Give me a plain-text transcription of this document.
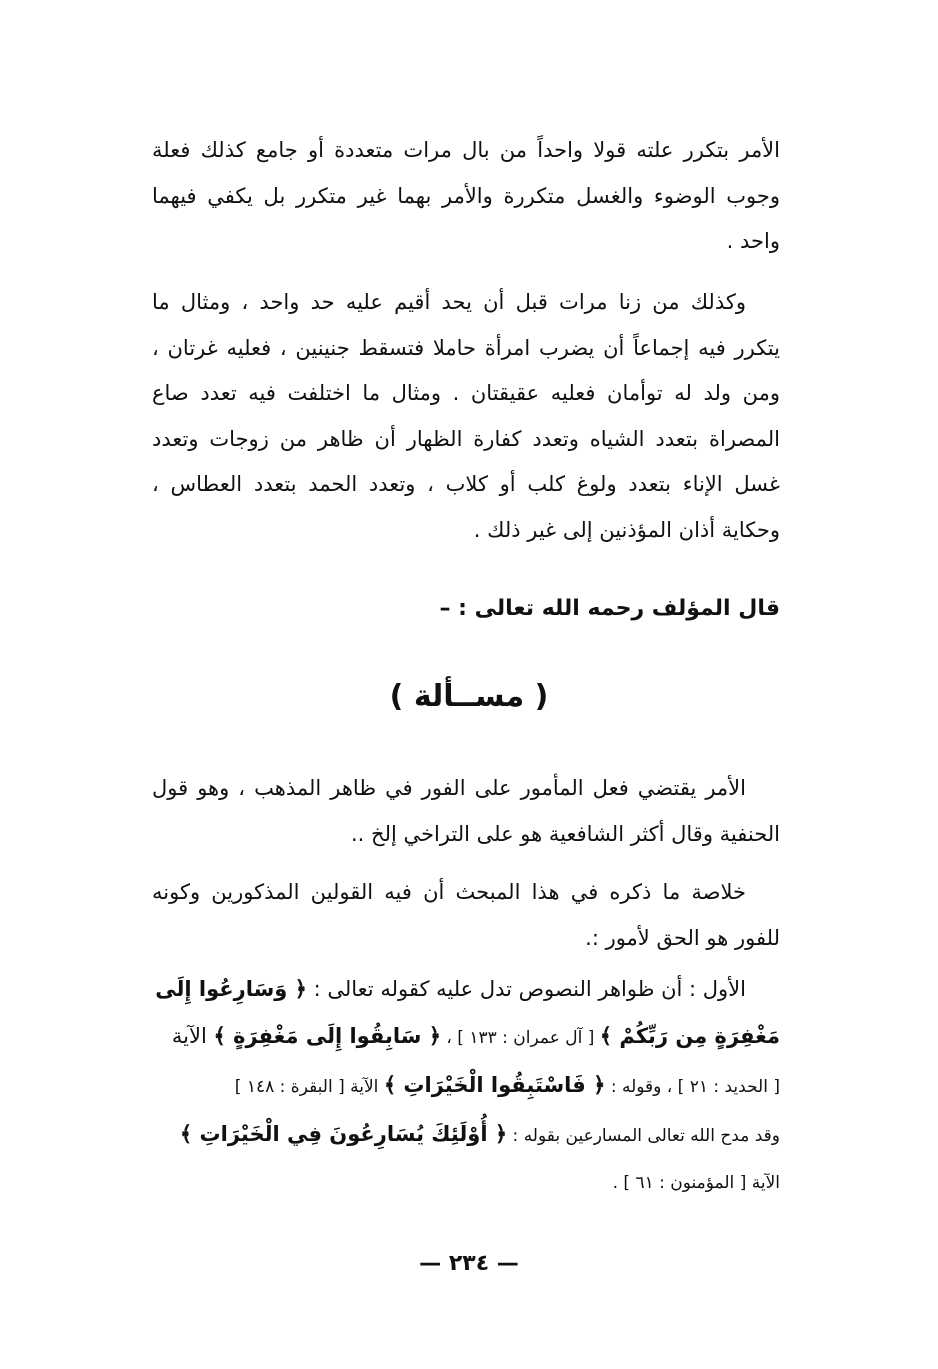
الأمر بتكرر علته قولا واحداً من بال مرات متعددة أو جامع كذلك فعلة
وجوب الوضوء والغسل متكررة والأمر بهما غير متكرر بل يكفي فيهما
واحد .
وكذلك من زنا مرات قبل أن يحد أقيم عليه حد واحد ، ومثال ما
يتكرر فيه إجماعاً أن يضرب امرأة حاملا فتسقط جنينين ، فعليه غرتان ،
ومن ولد له توأمان فعليه عقيقتان . ومثال ما اختلفت فيه تعدد صاع
المصراة بتعدد الشياه وتعدد كفارة الظهار أن ظاهر من زوجات وتعدد
غسل الإناء بتعدد ولوغ كلب أو كلاب ، وتعدد الحمد بتعدد العطاس ،
وحكاية أذان المؤذنين إلى غير ذلك .
قال المؤلف رحمه الله تعالى : –
( مســألة )
الأمر يقتضي فعل المأمور على الفور في ظاهر المذهب ، وهو قول
الحنفية وقال أكثر الشافعية هو على التراخي إلخ ..
خلاصة ما ذكره في هذا المبحث أن فيه القولين المذكورين وكونه
للفور هو الحق لأمور :.
الأول : أن ظواهر النصوص تدل عليه كقوله تعالى : ﴿ وَسَارِعُوا إِلَى
مَغْفِرَةٍ مِن رَبِّكُمْ ﴾ [ آل عمران : ١٣٣ ] ، ﴿ سَابِقُوا إِلَى مَغْفِرَةٍ ﴾ الآية
[ الحديد : ٢١ ] ، وقوله : ﴿ فَاسْتَبِقُوا الْخَيْرَاتِ ﴾ الآية [ البقرة : ١٤٨ ]
وقد مدح الله تعالى المسارعين بقوله : ﴿ أُوْلَئِكَ يُسَارِعُونَ فِي الْخَيْرَاتِ ﴾
الآية [ المؤمنون : ٦١ ] .
— ٢٣٤ —
